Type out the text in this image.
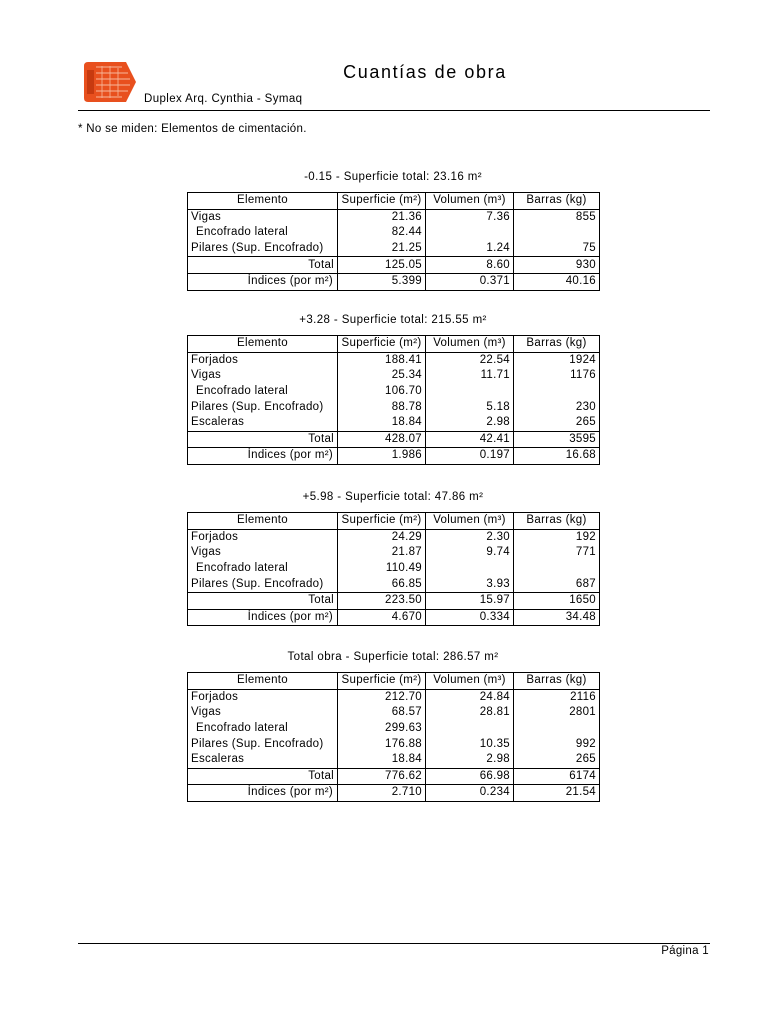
Cuantías de obra
Duplex Arq. Cynthia - Symaq
* No se miden: Elementos de cimentación.
-0.15 - Superficie total: 23.16 m²
Elemento	Superficie (m²)	Volumen (m³)	Barras (kg)
Vigas	21.36	7.36	855
Encofrado lateral	82.44		
Pilares (Sup. Encofrado)	21.25	1.24	75
Total	125.05	8.60	930
Índices (por m²)	5.399	0.371	40.16
+3.28 - Superficie total: 215.55 m²
Elemento	Superficie (m²)	Volumen (m³)	Barras (kg)
Forjados	188.41	22.54	1924
Vigas	25.34	11.71	1176
Encofrado lateral	106.70		
Pilares (Sup. Encofrado)	88.78	5.18	230
Escaleras	18.84	2.98	265
Total	428.07	42.41	3595
Índices (por m²)	1.986	0.197	16.68
+5.98 - Superficie total: 47.86 m²
Elemento	Superficie (m²)	Volumen (m³)	Barras (kg)
Forjados	24.29	2.30	192
Vigas	21.87	9.74	771
Encofrado lateral	110.49		
Pilares (Sup. Encofrado)	66.85	3.93	687
Total	223.50	15.97	1650
Índices (por m²)	4.670	0.334	34.48
Total obra - Superficie total: 286.57 m²
Elemento	Superficie (m²)	Volumen (m³)	Barras (kg)
Forjados	212.70	24.84	2116
Vigas	68.57	28.81	2801
Encofrado lateral	299.63		
Pilares (Sup. Encofrado)	176.88	10.35	992
Escaleras	18.84	2.98	265
Total	776.62	66.98	6174
Índices (por m²)	2.710	0.234	21.54
Página 1
